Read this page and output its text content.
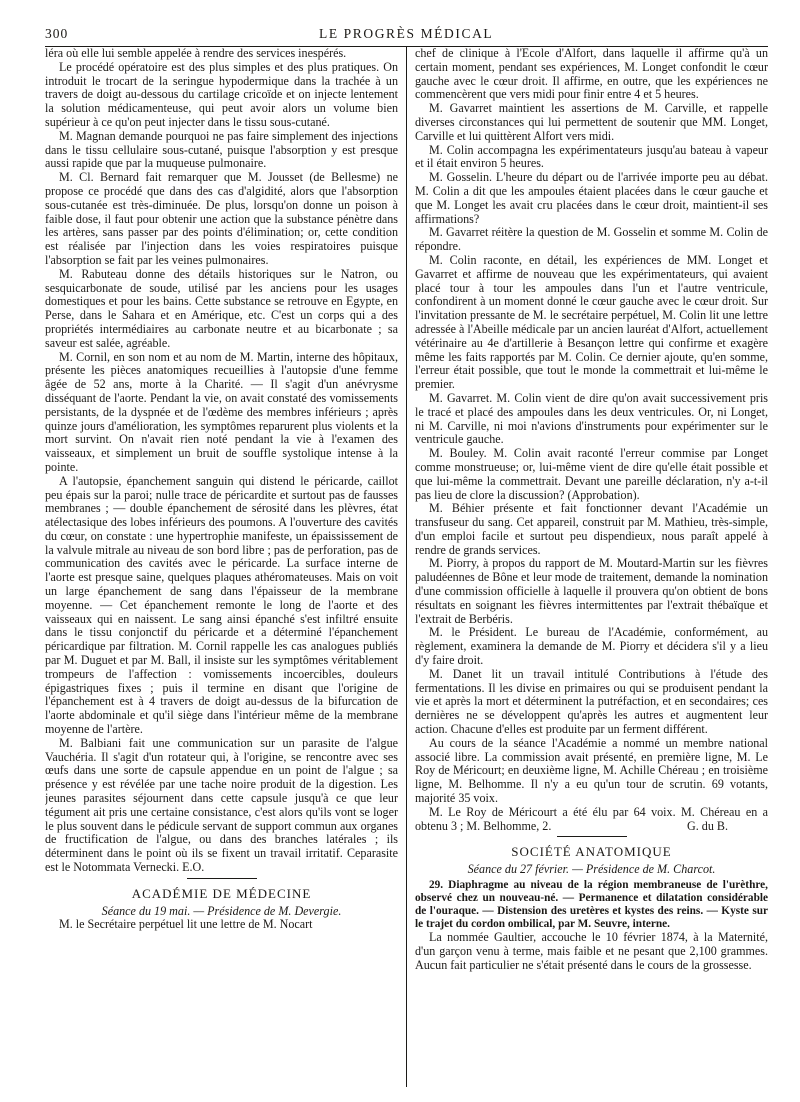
300	LE PROGRÈS MÉDICAL

léra où elle lui semble appelée à rendre des services inespérés.

Le procédé opératoire est des plus simples et des plus pratiques. On introduit le trocart de la seringue hypodermique dans la trachée à un travers de doigt au-dessous du cartilage cricoïde et on injecte lentement la solution médicamenteuse, qui peut avoir alors un volume bien supérieur à ce qu'on peut injecter dans le tissu sous-cutané.

M. Magnan demande pourquoi ne pas faire simplement des injections dans le tissu cellulaire sous-cutané, puisque l'absorption y est presque aussi rapide que par la muqueuse pulmonaire.

M. Cl. Bernard fait remarquer que M. Jousset (de Bellesme) ne propose ce procédé que dans des cas d'algidité, alors que l'absorption sous-cutanée est très-diminuée. De plus, lorsqu'on donne un poison à faible dose, il faut pour obtenir une action que la substance pénètre dans les artères, sans passer par des points d'élimination; or, cette condition est réalisée par l'injection dans les voies respiratoires puisque l'absorption se fait par les veines pulmonaires.

M. Rabuteau donne des détails historiques sur le Natron, ou sesquicarbonate de soude, utilisé par les anciens pour les usages domestiques et pour les bains. Cette substance se retrouve en Egypte, en Perse, dans le Sahara et en Amérique, etc. C'est un corps qui a des propriétés intermédiaires au carbonate neutre et au bicarbonate ; sa saveur est salée, agréable.

M. Cornil, en son nom et au nom de M. Martin, interne des hôpitaux, présente les pièces anatomiques recueillies à l'autopsie d'une femme âgée de 52 ans, morte à la Charité. — Il s'agit d'un anévrysme disséquant de l'aorte. Pendant la vie, on avait constaté des vomissements persistants, de la dyspnée et de l'œdème des membres inférieurs ; après quinze jours d'amélioration, les symptômes reparurent plus violents et la mort survint. On n'avait rien noté pendant la vie à l'examen des vaisseaux, et simplement un bruit de souffle systolique intense à la pointe.

A l'autopsie, épanchement sanguin qui distend le péricarde, caillot peu épais sur la paroi; nulle trace de péricardite et surtout pas de fausses membranes ; — double épanchement de sérosité dans les plèvres, état atélectasique des lobes inférieurs des poumons. A l'ouverture des cavités du cœur, on constate : une hypertrophie manifeste, un épaississement de la valvule mitrale au niveau de son bord libre ; pas de perforation, pas de communication des cavités avec le péricarde. La surface interne de l'aorte est presque saine, quelques plaques athéromateuses. Mais on voit un large épanchement de sang dans l'épaisseur de la membrane moyenne. — Cet épanchement remonte le long de l'aorte et des vaisseaux qui en naissent. Le sang ainsi épanché s'est infiltré ensuite dans le tissu conjonctif du péricarde et a déterminé l'épanchement péricardique par filtration. M. Cornil rappelle les cas analogues publiés par M. Duguet et par M. Ball, il insiste sur les symptômes véritablement trompeurs de l'affection : vomissements incoercibles, douleurs épigastriques fixes ; puis il termine en disant que l'origine de l'épanchement est à 4 travers de doigt au-dessus de la bifurcation de l'aorte abdominale et qu'il siège dans l'intérieur même de la membrane moyenne de l'artère.

M. Balbiani fait une communication sur un parasite de l'algue Vauchéria. Il s'agit d'un rotateur qui, à l'origine, se rencontre avec ses œufs dans une sorte de capsule appendue en un point de l'algue ; sa présence y est révélée par une tache noire produit de la digestion. Les jeunes parasites séjournent dans cette capsule jusqu'à ce que leur tégument ait pris une certaine consistance, c'est alors qu'ils vont se loger le plus souvent dans le pédicule servant de support commun aux organes de fructification de l'algue, ou dans des branches latérales ; ils déterminent dans le point où ils se fixent un travail irritatif. Ceparasite est le Notommata Vernecki. E.O.

ACADÉMIE DE MÉDECINE

Séance du 19 mai. — Présidence de M. Devergie.

M. le Secrétaire perpétuel lit une lettre de M. Nocart

chef de clinique à l'Ecole d'Alfort, dans laquelle il affirme qu'à un certain moment, pendant ses expériences, M. Longet confondit le cœur gauche avec le cœur droit. Il affirme, en outre, que les expériences ne commencèrent que vers midi pour finir entre 4 et 5 heures.

M. Gavarret maintient les assertions de M. Carville, et rappelle diverses circonstances qui lui permettent de soutenir que MM. Longet, Carville et lui quittèrent Alfort vers midi.

M. Colin accompagna les expérimentateurs jusqu'au bateau à vapeur et il était environ 5 heures.

M. Gosselin. L'heure du départ ou de l'arrivée importe peu au débat. M. Colin a dit que les ampoules étaient placées dans le cœur gauche et que M. Longet les avait cru placées dans le cœur droit, maintient-il ses affirmations?

M. Gavarret réitère la question de M. Gosselin et somme M. Colin de répondre.

M. Colin raconte, en détail, les expériences de MM. Longet et Gavarret et affirme de nouveau que les expérimentateurs, qui avaient placé tour à tour les ampoules dans l'un et l'autre ventricule, confondirent à un moment donné le cœur gauche avec le cœur droit. Sur l'invitation pressante de M. le secrétaire perpétuel, M. Colin lit une lettre adressée à l'Abeille médicale par un ancien lauréat d'Alfort, actuellement vétérinaire au 4e d'artillerie à Besançon lettre qui confirme et exagère même les faits rapportés par M. Colin. Ce dernier ajoute, qu'en somme, l'erreur était possible, que tout le monde la commettrait et lui-même le premier.

M. Gavarret. M. Colin vient de dire qu'on avait successivement pris le tracé et placé des ampoules dans les deux ventricules. Or, ni Longet, ni M. Carville, ni moi n'avions d'instruments pour expérimenter sur le ventricule gauche.

M. Bouley. M. Colin avait raconté l'erreur commise par Longet comme monstrueuse; or, lui-même vient de dire qu'elle était possible et que lui-même la commettrait. Devant une pareille déclaration, n'y a-t-il pas lieu de clore la discussion? (Approbation).

M. Béhier présente et fait fonctionner devant l'Académie un transfuseur du sang. Cet appareil, construit par M. Mathieu, très-simple, d'un emploi facile et surtout peu dispendieux, nous paraît appelé à rendre de grands services.

M. Piorry, à propos du rapport de M. Moutard-Martin sur les fièvres paludéennes de Bône et leur mode de traitement, demande la nomination d'une commission officielle à laquelle il prouvera qu'on obtient de bons résultats en soignant les fièvres intermittentes par l'extrait thébaïque et l'extrait de Berbéris.

M. le Président. Le bureau de l'Académie, conformément, au règlement, examinera la demande de M. Piorry et décidera s'il y a lieu d'y faire droit.

M. Danet lit un travail intitulé Contributions à l'étude des fermentations. Il les divise en primaires ou qui se produisent pendant la vie et après la mort et déterminent la putréfaction, et en secondaires; ces dernières ne se développent qu'après les autres et augmentent leur action. Chacune d'elles est produite par un ferment différent.

Au cours de la séance l'Académie a nommé un membre national associé libre. La commission avait présenté, en première ligne, M. Le Roy de Méricourt; en deuxième ligne, M. Achille Chéreau ; en troisième ligne, M. Belhomme. Il n'y a eu qu'un tour de scrutin. 69 votants, majorité 35 voix.

M. Le Roy de Méricourt a été élu par 64 voix. M. Chéreau en a obtenu 3 ; M. Belhomme, 2.	G. du B.

SOCIÉTÉ ANATOMIQUE

Séance du 27 février. — Présidence de M. Charcot.

29. Diaphragme au niveau de la région membraneuse de l'urèthre, observé chez un nouveau-né. — Permanence et dilatation considérable de l'ouraque. — Distension des uretères et kystes des reins. — Kyste sur le trajet du cordon ombilical, par M. Seuvre, interne.

La nommée Gaultier, accouche le 10 février 1874, à la Maternité, d'un garçon venu à terme, mais faible et ne pesant que 2,100 grammes. Aucun fait particulier ne s'était présenté dans le cours de la grossesse.
